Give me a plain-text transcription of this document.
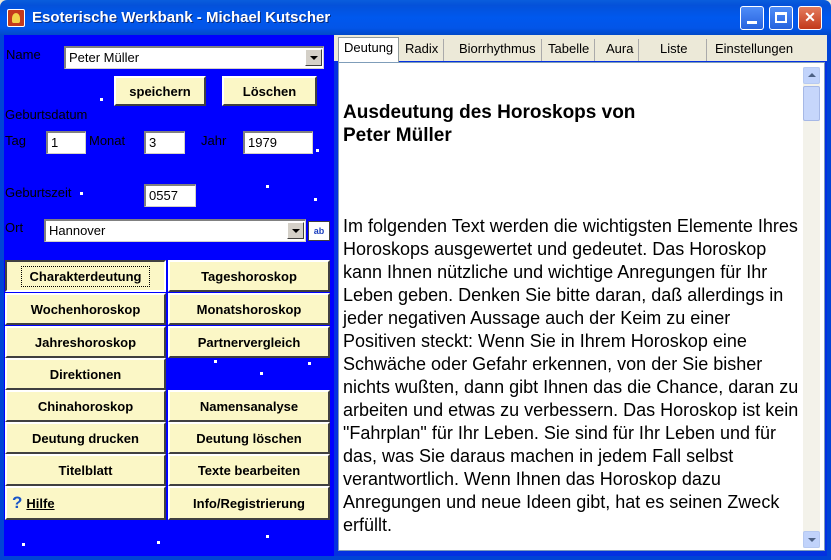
Esoterische Werkbank - Michael Kutscher	✕
Name	Peter Müller
speichern	Löschen
Geburtsdatum
Tag	1	Monat	3	Jahr	1979
Geburtszeit	0557
Ort	Hannover	ab
Charakterdeutung	Tageshoroskop
Wochenhoroskop	Monatshoroskop
Jahreshoroskop	Partnervergleich
Direktionen
Chinahoroskop	Namensanalyse
Deutung drucken	Deutung löschen
Titelblatt	Texte bearbeiten
? Hilfe	Info/Registrierung
Deutung Radix	Biorrhythmus Tabelle	Aura	Liste	Einstellungen
Ausdeutung des Horoskops von
Peter Müller

Im folgenden Text werden die wichtigsten Elemente Ihres Horoskops ausgewertet und gedeutet. Das Horoskop kann Ihnen nützliche und wichtige Anregungen für Ihr Leben geben. Denken Sie bitte daran, daß allerdings in jeder negativen Aussage auch der Keim zu einer Positiven steckt: Wenn Sie in Ihrem Horoskop eine Schwäche oder Gefahr erkennen, von der Sie bisher nichts wußten, dann gibt Ihnen das die Chance, daran zu arbeiten und etwas zu verbessern. Das Horoskop ist kein "Fahrplan" für Ihr Leben. Sie sind für Ihr Leben und für das, was Sie daraus machen in jedem Fall selbst verantwortlich. Wenn Ihnen das Horoskop dazu Anregungen und neue Ideen gibt, hat es seinen Zweck erfüllt.
